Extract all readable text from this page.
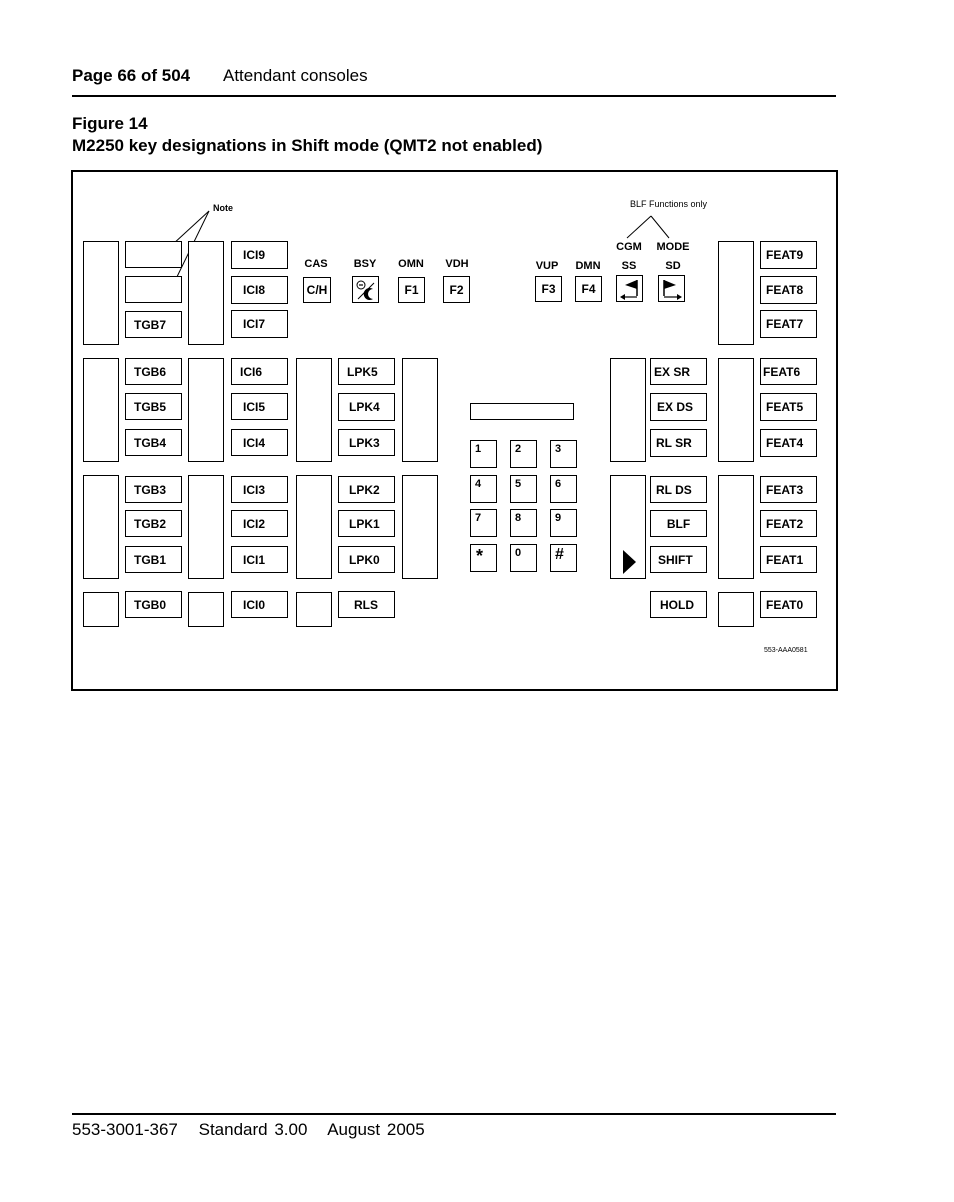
Page 66 of 504 Attendant consoles
Figure 14
M2250 key designations in Shift mode (QMT2 not enabled)
Note	BLF Functions only
TGB7
TGB6
TGB5
TGB4
TGB3
TGB2
TGB1
TGB0
ICI9
ICI8
ICI7
ICI6
ICI5
ICI4
ICI3
ICI2
ICI1
ICI0
CAS
C/H
BSY	OMN
F1
VDH
F2
VUP
F3
DMN
F4
CGM
SS
MODE
SD
LPK5
LPK4
LPK3
LPK2
LPK1
LPK0
RLS
1	2	3
4	5	6
7	8	9
*	0	#
EX SR
EX DS
RL SR
RL DS
BLF
SHIFT
HOLD
FEAT9
FEAT8
FEAT7
FEAT6
FEAT5
FEAT4
FEAT3
FEAT2
FEAT1
FEAT0
553-AAA0581
553-3001-367 Standard 3.00 August 2005
